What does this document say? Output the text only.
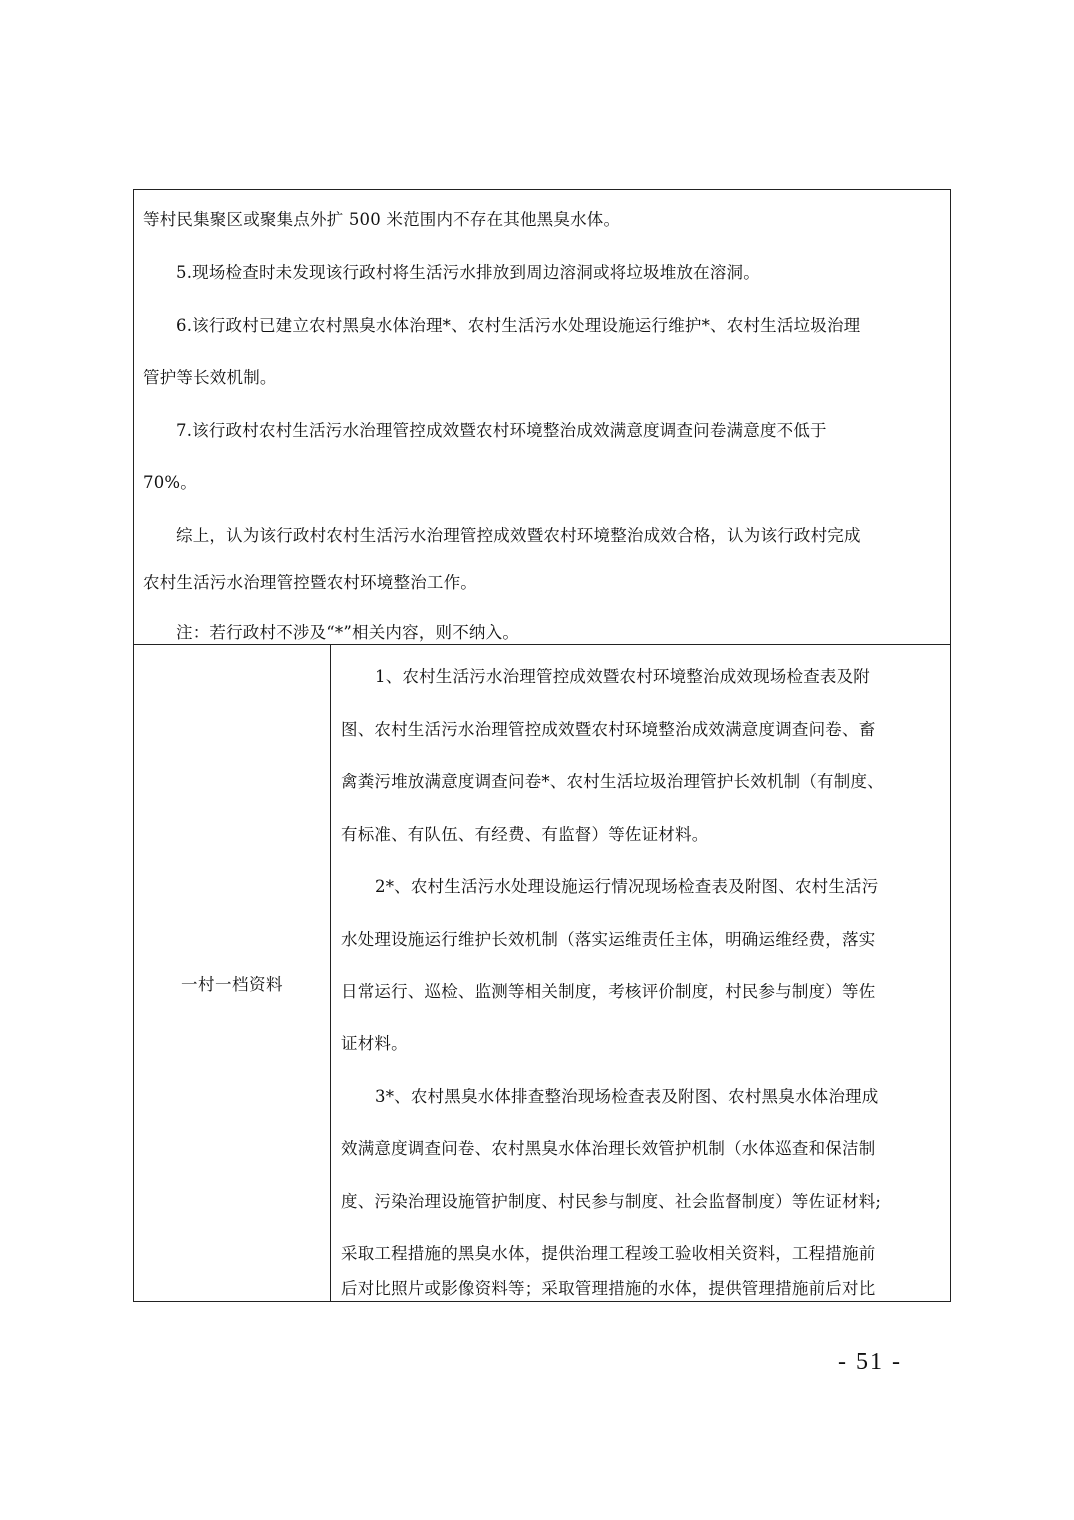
等村民集聚区或聚集点外扩 500 米范围内不存在其他黑臭水体。
5.现场检查时未发现该行政村将生活污水排放到周边溶洞或将垃圾堆放在溶洞。
6.该行政村已建立农村黑臭水体治理*、农村生活污水处理设施运行维护*、农村生活垃圾治理
管护等长效机制。
7.该行政村农村生活污水治理管控成效暨农村环境整治成效满意度调查问卷满意度不低于
70%。
综上，认为该行政村农村生活污水治理管控成效暨农村环境整治成效合格，认为该行政村完成
农村生活污水治理管控暨农村环境整治工作。
注：若行政村不涉及“*”相关内容，则不纳入。
一村一档资料
1、农村生活污水治理管控成效暨农村环境整治成效现场检查表及附
图、农村生活污水治理管控成效暨农村环境整治成效满意度调查问卷、畜
禽粪污堆放满意度调查问卷*、农村生活垃圾治理管护长效机制（有制度、
有标准、有队伍、有经费、有监督）等佐证材料。
2*、农村生活污水处理设施运行情况现场检查表及附图、农村生活污
水处理设施运行维护长效机制（落实运维责任主体，明确运维经费，落实
日常运行、巡检、监测等相关制度，考核评价制度，村民参与制度）等佐
证材料。
3*、农村黑臭水体排查整治现场检查表及附图、农村黑臭水体治理成
效满意度调查问卷、农村黑臭水体治理长效管护机制（水体巡查和保洁制
度、污染治理设施管护制度、村民参与制度、社会监督制度）等佐证材料;
采取工程措施的黑臭水体，提供治理工程竣工验收相关资料，工程措施前
后对比照片或影像资料等；采取管理措施的水体，提供管理措施前后对比
- 51 -
